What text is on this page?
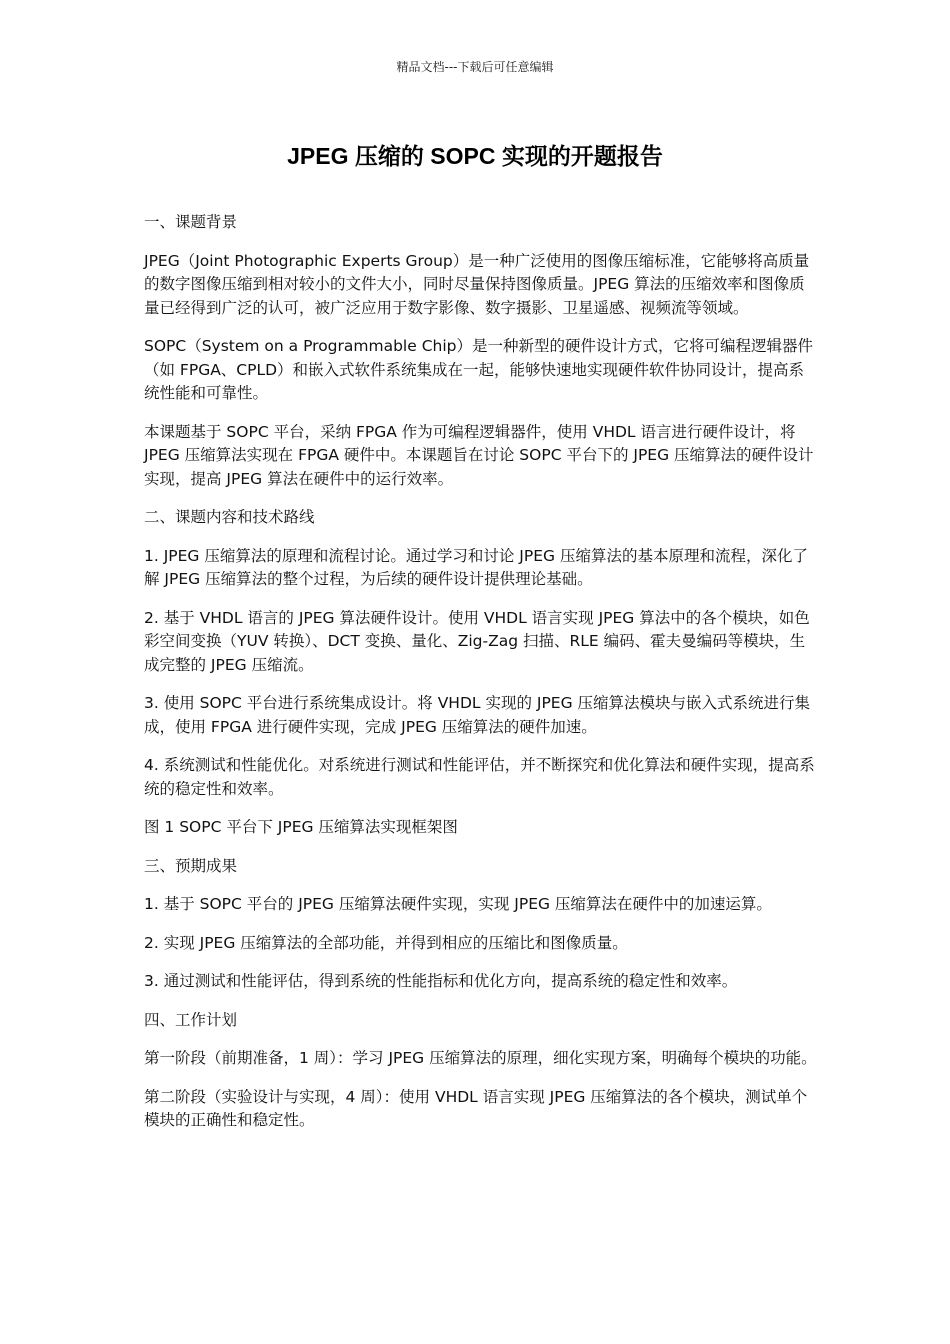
精品文档---下载后可任意编辑
JPEG 压缩的 SOPC 实现的开题报告

一、课题背景

JPEG（Joint Photographic Experts Group）是一种广泛使用的图像压缩标准，它能够将高质量的数字图像压缩到相对较小的文件大小，同时尽量保持图像质量。JPEG 算法的压缩效率和图像质量已经得到广泛的认可，被广泛应用于数字影像、数字摄影、卫星遥感、视频流等领域。

SOPC（System on a Programmable Chip）是一种新型的硬件设计方式，它将可编程逻辑器件（如 FPGA、CPLD）和嵌入式软件系统集成在一起，能够快速地实现硬件软件协同设计，提高系统性能和可靠性。

本课题基于 SOPC 平台，采纳 FPGA 作为可编程逻辑器件，使用 VHDL 语言进行硬件设计，将 JPEG 压缩算法实现在 FPGA 硬件中。本课题旨在讨论 SOPC 平台下的 JPEG 压缩算法的硬件设计实现，提高 JPEG 算法在硬件中的运行效率。

二、课题内容和技术路线

1. JPEG 压缩算法的原理和流程讨论。通过学习和讨论 JPEG 压缩算法的基本原理和流程，深化了解 JPEG 压缩算法的整个过程，为后续的硬件设计提供理论基础。

2. 基于 VHDL 语言的 JPEG 算法硬件设计。使用 VHDL 语言实现 JPEG 算法中的各个模块，如色彩空间变换（YUV 转换）、DCT 变换、量化、Zig-Zag 扫描、RLE 编码、霍夫曼编码等模块，生成完整的 JPEG 压缩流。

3. 使用 SOPC 平台进行系统集成设计。将 VHDL 实现的 JPEG 压缩算法模块与嵌入式系统进行集成，使用 FPGA 进行硬件实现，完成 JPEG 压缩算法的硬件加速。

4. 系统测试和性能优化。对系统进行测试和性能评估，并不断探究和优化算法和硬件实现，提高系统的稳定性和效率。

图 1 SOPC 平台下 JPEG 压缩算法实现框架图

三、预期成果

1. 基于 SOPC 平台的 JPEG 压缩算法硬件实现，实现 JPEG 压缩算法在硬件中的加速运算。

2. 实现 JPEG 压缩算法的全部功能，并得到相应的压缩比和图像质量。

3. 通过测试和性能评估，得到系统的性能指标和优化方向，提高系统的稳定性和效率。

四、工作计划

第一阶段（前期准备，1 周）：学习 JPEG 压缩算法的原理，细化实现方案，明确每个模块的功能。

第二阶段（实验设计与实现，4 周）：使用 VHDL 语言实现 JPEG 压缩算法的各个模块，测试单个模块的正确性和稳定性。
